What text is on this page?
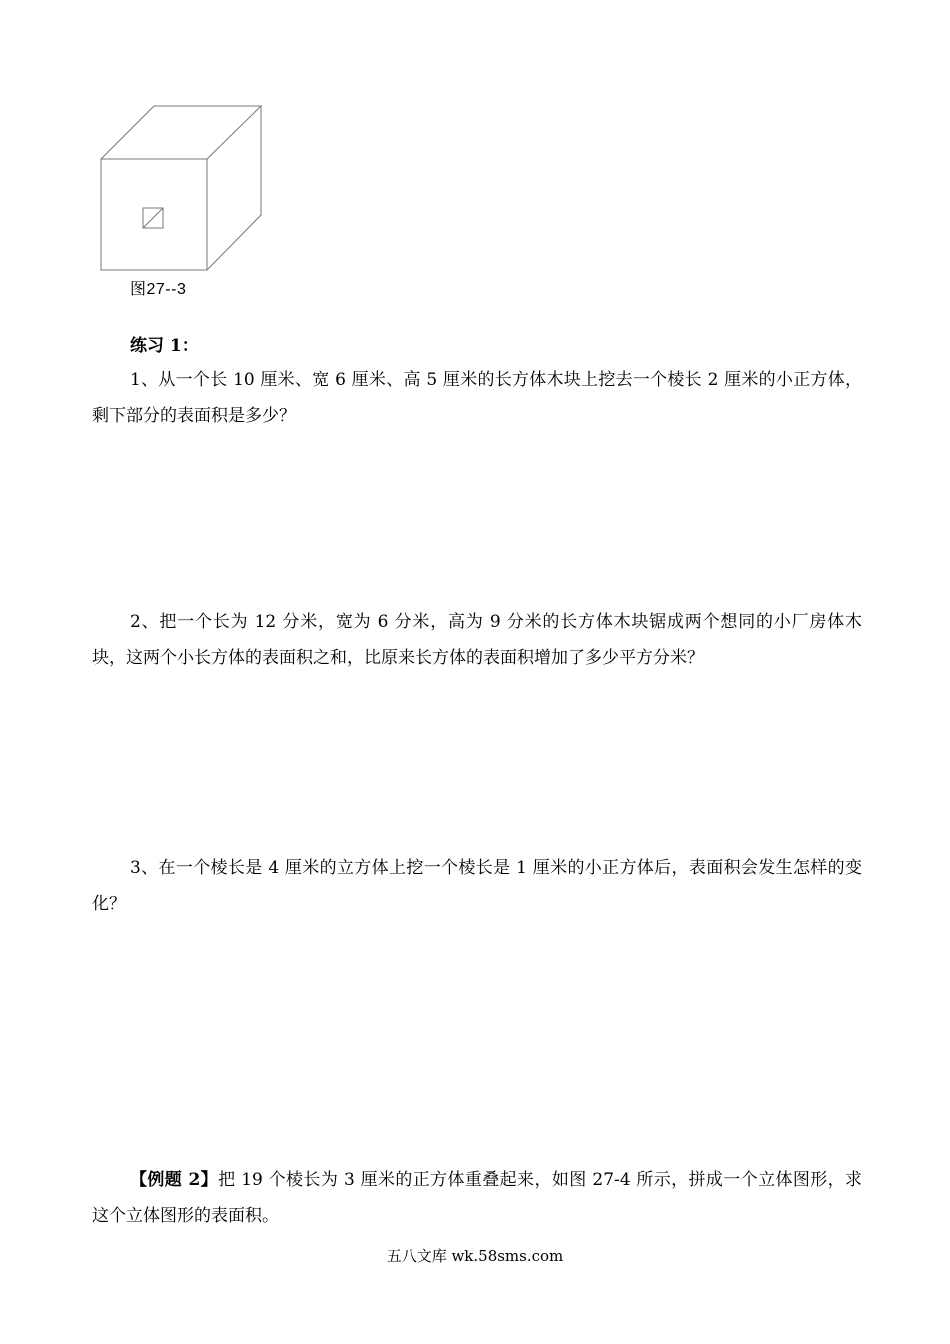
图27--3
练习 1：
1、从一个长 10 厘米、宽 6 厘米、高 5 厘米的长方体木块上挖去一个棱长 2 厘米的小正方体，剩下部分的表面积是多少？
2、把一个长为 12 分米，宽为 6 分米，高为 9 分米的长方体木块锯成两个想同的小厂房体木块，这两个小长方体的表面积之和，比原来长方体的表面积增加了多少平方分米？
3、在一个棱长是 4 厘米的立方体上挖一个棱长是 1 厘米的小正方体后，表面积会发生怎样的变化？
【例题 2】把 19 个棱长为 3 厘米的正方体重叠起来，如图 27-4 所示，拼成一个立体图形，求这个立体图形的表面积。
五八文库 wk.58sms.com
